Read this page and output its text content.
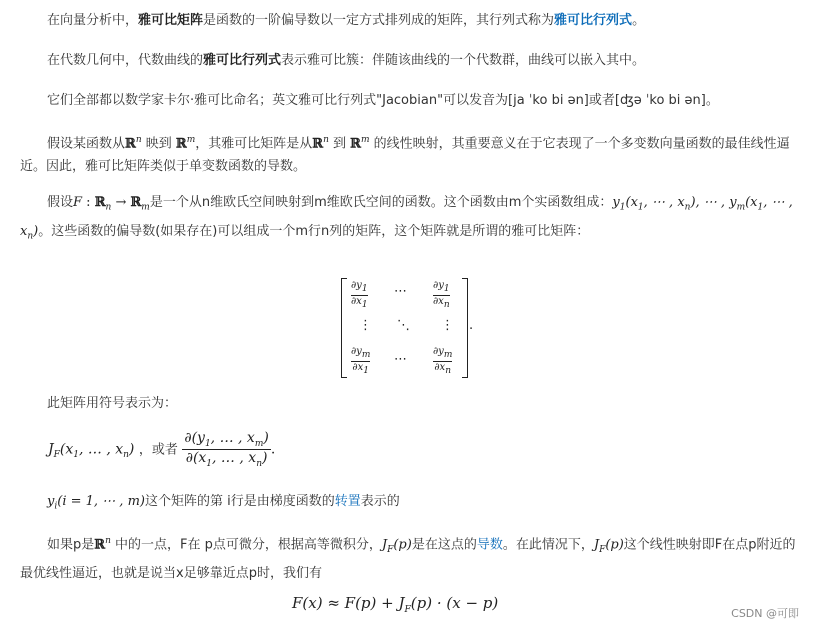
在向量分析中，雅可比矩阵是函数的一阶偏导数以一定方式排列成的矩阵，其行列式称为雅可比行列式。

在代数几何中，代数曲线的雅可比行列式表示雅可比簇：伴随该曲线的一个代数群，曲线可以嵌入其中。

它们全部都以数学家卡尔·雅可比命名；英文雅可比行列式"Jacobian"可以发音为[ja ˈko bi ən]或者[ʤə ˈko bi ən]。

假设某函数从ℝ$^n$ 映到 ℝ$^m$，其雅可比矩阵是从ℝ$^n$ 到 ℝ$^m$ 的线性映射，其重要意义在于它表现了一个多变数向量函数的最佳线性逼近。因此，雅可比矩阵类似于单变数函数的导数。

假设F : ℝ$_n$ → ℝ$_m$是一个从n维欧氏空间映射到m维欧氏空间的函数。这个函数由m个实函数组成：$y_1(x_1$, ⋯ , $x_n$), ⋯ , $y_m(x_1$, ⋯ , $x_n$)。这些函数的偏导数(如果存在)可以组成一个m行n列的矩阵，这个矩阵就是所谓的雅可比矩阵：

$\frac{\partial y_1}{\partial x_1}$ ⋯	$\frac{\partial y_1}{\partial x_n}$
⋮ ⋱ ⋮
$\frac{\partial y_m}{\partial x_1}$ ⋯	$\frac{\partial y_m}{\partial x_n}$
.

此矩阵用符号表示为：

$J_F(x_1$, … , $x_n$) ，或者 $\frac{\partial(y_1, \dots , x_m)}{\partial(x_1, \dots , x_n)}$ .

$y_i(i = 1$, ⋯ , m)这个矩阵的第 i行是由梯度函数的转置表示的

如果p是ℝ$^n$ 中的一点，F在 p点可微分，根据高等微积分，$J_F(p)$是在这点的导数。在此情况下，$J_F(p)$这个线性映射即F在点p附近的最优线性逼近，也就是说当x足够靠近点p时，我们有

$F(x) \approx F(p) + J_F(p) \cdot (x - p)$
CSDN @可即
